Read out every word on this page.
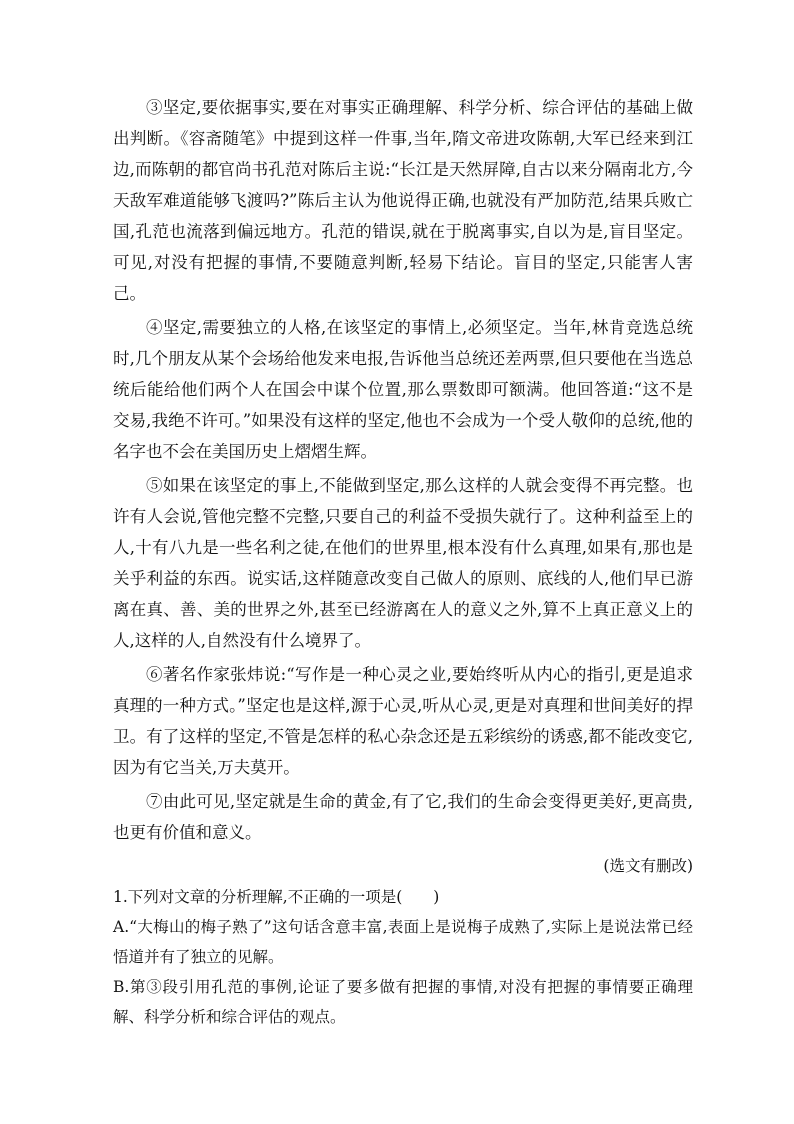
③坚定,要依据事实,要在对事实正确理解、科学分析、综合评估的基础上做出判断。《容斋随笔》中提到这样一件事,当年,隋文帝进攻陈朝,大军已经来到江边,而陈朝的都官尚书孔范对陈后主说:“长江是天然屏障,自古以来分隔南北方,今天敌军难道能够飞渡吗?”陈后主认为他说得正确,也就没有严加防范,结果兵败亡国,孔范也流落到偏远地方。孔范的错误,就在于脱离事实,自以为是,盲目坚定。可见,对没有把握的事情,不要随意判断,轻易下结论。盲目的坚定,只能害人害己。

④坚定,需要独立的人格,在该坚定的事情上,必须坚定。当年,林肯竞选总统时,几个朋友从某个会场给他发来电报,告诉他当总统还差两票,但只要他在当选总统后能给他们两个人在国会中谋个位置,那么票数即可额满。他回答道:“这不是交易,我绝不许可。”如果没有这样的坚定,他也不会成为一个受人敬仰的总统,他的名字也不会在美国历史上熠熠生辉。

⑤如果在该坚定的事上,不能做到坚定,那么这样的人就会变得不再完整。也许有人会说,管他完整不完整,只要自己的利益不受损失就行了。这种利益至上的人,十有八九是一些名利之徒,在他们的世界里,根本没有什么真理,如果有,那也是关乎利益的东西。说实话,这样随意改变自己做人的原则、底线的人,他们早已游离在真、善、美的世界之外,甚至已经游离在人的意义之外,算不上真正意义上的人,这样的人,自然没有什么境界了。

⑥著名作家张炜说:“写作是一种心灵之业,要始终听从内心的指引,更是追求真理的一种方式。”坚定也是这样,源于心灵,听从心灵,更是对真理和世间美好的捍卫。有了这样的坚定,不管是怎样的私心杂念还是五彩缤纷的诱惑,都不能改变它,因为有它当关,万夫莫开。

⑦由此可见,坚定就是生命的黄金,有了它,我们的生命会变得更美好,更高贵,也更有价值和意义。

(选文有删改)

1.下列对文章的分析理解,不正确的一项是(　　)

A.“大梅山的梅子熟了”这句话含意丰富,表面上是说梅子成熟了,实际上是说法常已经悟道并有了独立的见解。

B.第③段引用孔范的事例,论证了要多做有把握的事情,对没有把握的事情要正确理解、科学分析和综合评估的观点。
